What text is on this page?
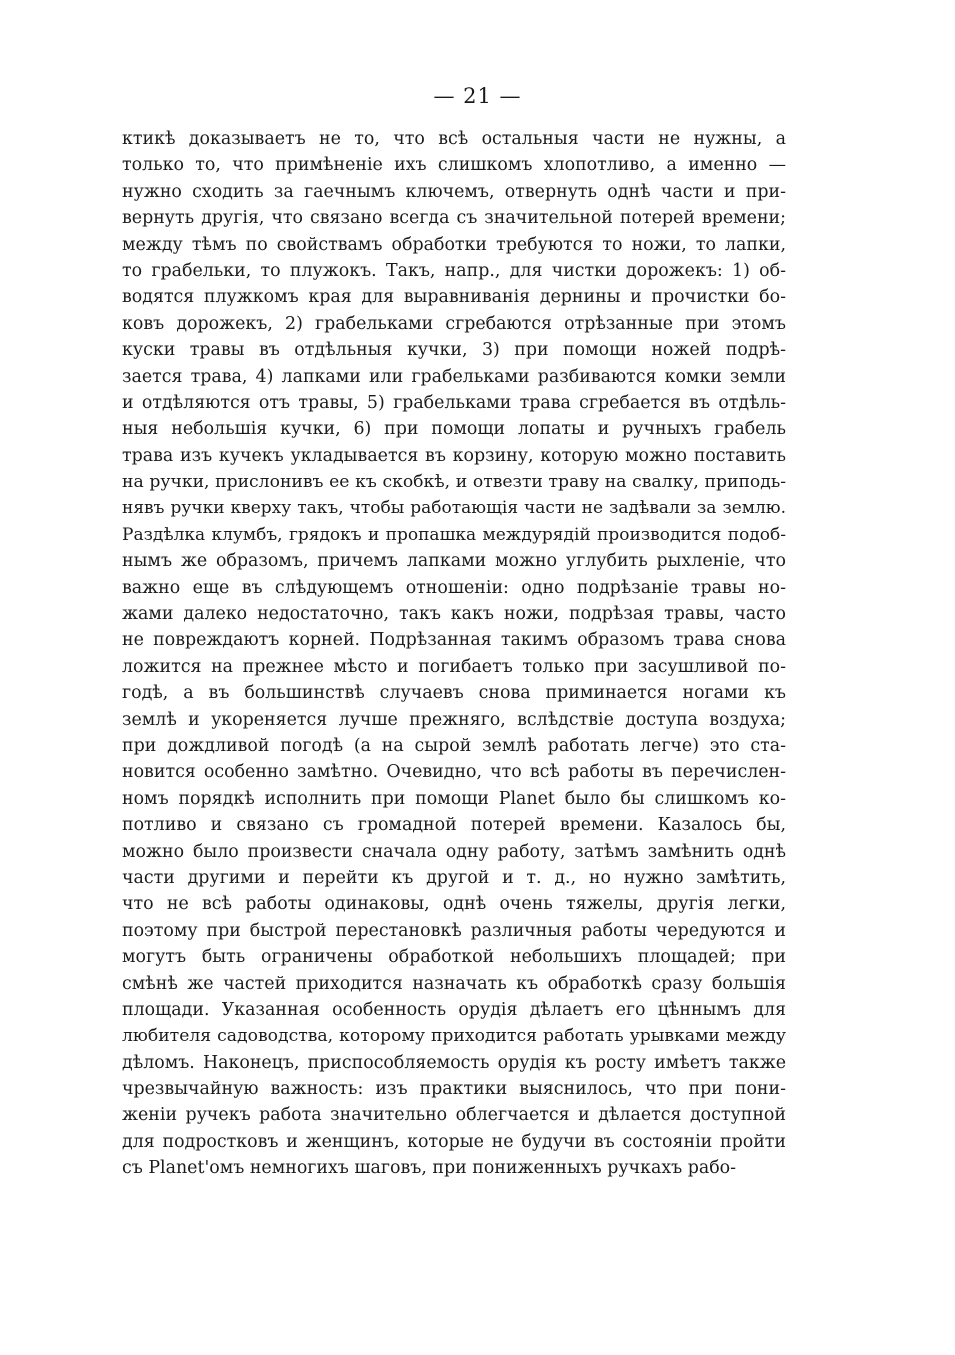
— 21 —
ктикѣ доказываетъ не то, что всѣ остальныя части не нужны, а
только то, что примѣненіе ихъ слишкомъ хлопотливо, а именно —
нужно сходить за гаечнымъ ключемъ, отвернуть однѣ части и при-
вернуть другія, что связано всегда съ значительной потерей времени;
между тѣмъ по свойствамъ обработки требуются то ножи, то лапки,
то грабельки, то плужокъ. Такъ, напр., для чистки дорожекъ: 1) об-
водятся плужкомъ края для выравниванія дернины и прочистки бо-
ковъ дорожекъ, 2) грабельками сгребаются отрѣзанные при этомъ
куски травы въ отдѣльныя кучки, 3) при помощи ножей подрѣ-
зается трава, 4) лапками или грабельками разбиваются комки земли
и отдѣляются отъ травы, 5) грабельками трава сгребается въ отдѣль-
ныя небольшія кучки, 6) при помощи лопаты и ручныхъ грабель
трава изъ кучекъ укладывается въ корзину, которую можно поставить
на ручки, прислонивъ ее къ скобкѣ, и отвезти траву на свалку, приподь-
нявъ ручки кверху такъ, чтобы работающія части не задѣвали за землю.
Раздѣлка клумбъ, грядокъ и пропашка междурядій производится подоб-
нымъ же образомъ, причемъ лапками можно углубить рыхленіе, что
важно еще въ слѣдующемъ отношеніи: одно подрѣзаніе травы но-
жами далеко недостаточно, такъ какъ ножи, подрѣзая травы, часто
не повреждаютъ корней. Подрѣзанная такимъ образомъ трава снова
ложится на прежнее мѣсто и погибаетъ только при засушливой по-
годѣ, а въ большинствѣ случаевъ снова приминается ногами къ
землѣ и укореняется лучше прежняго, вслѣдствіе доступа воздуха;
при дождливой погодѣ (а на сырой землѣ работать легче) это ста-
новится особенно замѣтно. Очевидно, что всѣ работы въ перечислен-
номъ порядкѣ исполнить при помощи Planet было бы слишкомъ ко-
потливо и связано съ громадной потерей времени. Казалось бы,
можно было произвести сначала одну работу, затѣмъ замѣнить однѣ
части другими и перейти къ другой и т. д., но нужно замѣтить,
что не всѣ работы одинаковы, однѣ очень тяжелы, другія легки,
поэтому при быстрой перестановкѣ различныя работы чередуются и
могутъ быть ограничены обработкой небольшихъ площадей; при
смѣнѣ же частей приходится назначать къ обработкѣ сразу большія
площади. Указанная особенность орудія дѣлаетъ его цѣннымъ для
любителя садоводства, которому приходится работать урывками между
дѣломъ. Наконецъ, приспособляемость орудія къ росту имѣетъ также
чрезвычайную важность: изъ практики выяснилось, что при пони-
женіи ручекъ работа значительно облегчается и дѣлается доступной
для подростковъ и женщинъ, которые не будучи въ состояніи пройти
съ Planet'омъ немногихъ шаговъ, при пониженныхъ ручкахъ рабо-
